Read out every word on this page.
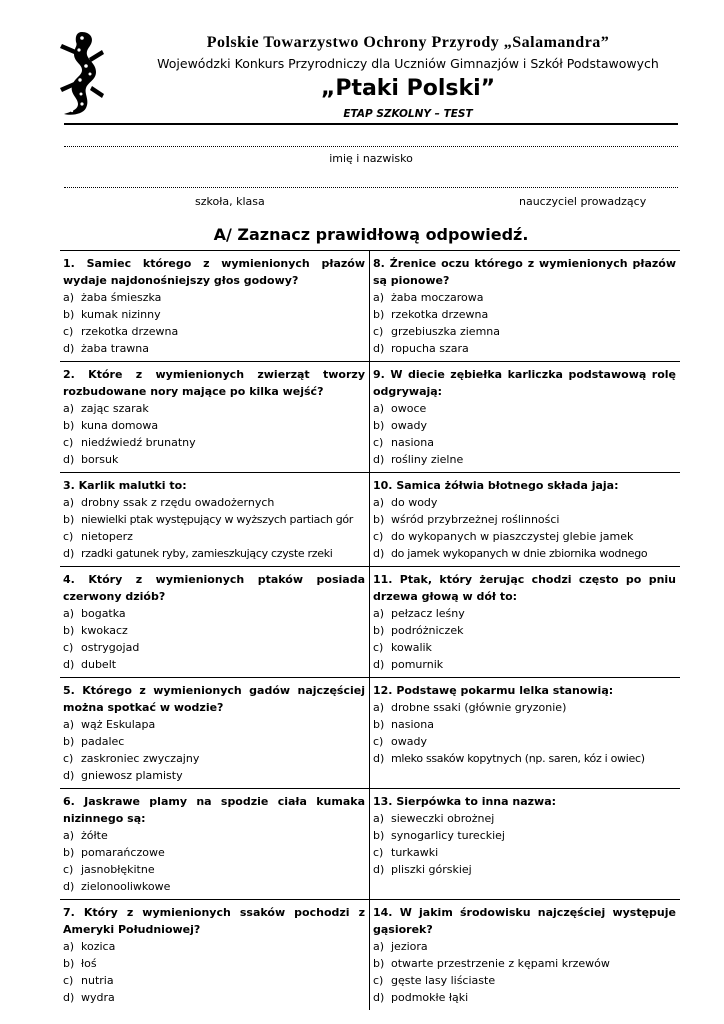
Polskie Towarzystwo Ochrony Przyrody „Salamandra”
Wojewódzki Konkurs Przyrodniczy dla Uczniów Gimnazjów i Szkół Podstawowych
„Ptaki Polski”
ETAP SZKOLNY – TEST
imię i nazwisko
szkoła, klasa	nauczyciel prowadzący
A/ Zaznacz prawidłową odpowiedź.
1. Samiec którego z wymienionych płazów wydaje najdonośniejszy głos godowy?
a) żaba śmieszka
b) kumak nizinny
c) rzekotka drzewna
d) żaba trawna
8. Źrenice oczu którego z wymienionych płazów są pionowe?
a) żaba moczarowa
b) rzekotka drzewna
c) grzebiuszka ziemna
d) ropucha szara
2. Które z wymienionych zwierząt tworzy rozbudowane nory mające po kilka wejść?
a) zając szarak
b) kuna domowa
c) niedźwiedź brunatny
d) borsuk
9. W diecie zębiełka karliczka podstawową rolę odgrywają:
a) owoce
b) owady
c) nasiona
d) rośliny zielne
3. Karlik malutki to:
a) drobny ssak z rzędu owadożernych
b) niewielki ptak występujący w wyższych partiach gór
c) nietoperz
d) rzadki gatunek ryby, zamieszkujący czyste rzeki
10. Samica żółwia błotnego składa jaja:
a) do wody
b) wśród przybrzeżnej roślinności
c) do wykopanych w piaszczystej glebie jamek
d) do jamek wykopanych w dnie zbiornika wodnego
4. Który z wymienionych ptaków posiada czerwony dziób?
a) bogatka
b) kwokacz
c) ostrygojad
d) dubelt
11. Ptak, który żerując chodzi często po pniu drzewa głową w dół to:
a) pełzacz leśny
b) podróżniczek
c) kowalik
d) pomurnik
5. Którego z wymienionych gadów najczęściej można spotkać w wodzie?
a) wąż Eskulapa
b) padalec
c) zaskroniec zwyczajny
d) gniewosz plamisty
12. Podstawę pokarmu lelka stanowią:
a) drobne ssaki (głównie gryzonie)
b) nasiona
c) owady
d) mleko ssaków kopytnych (np. saren, kóz i owiec)
6. Jaskrawe plamy na spodzie ciała kumaka nizinnego są:
a) żółte
b) pomarańczowe
c) jasnobłękitne
d) zielonooliwkowe
13. Sierpówka to inna nazwa:
a) sieweczki obrożnej
b) synogarlicy tureckiej
c) turkawki
d) pliszki górskiej
7. Który z wymienionych ssaków pochodzi z Ameryki Południowej?
a) kozica
b) łoś
c) nutria
d) wydra
14. W jakim środowisku najczęściej występuje gąsiorek?
a) jeziora
b) otwarte przestrzenie z kępami krzewów
c) gęste lasy liściaste
d) podmokłe łąki
